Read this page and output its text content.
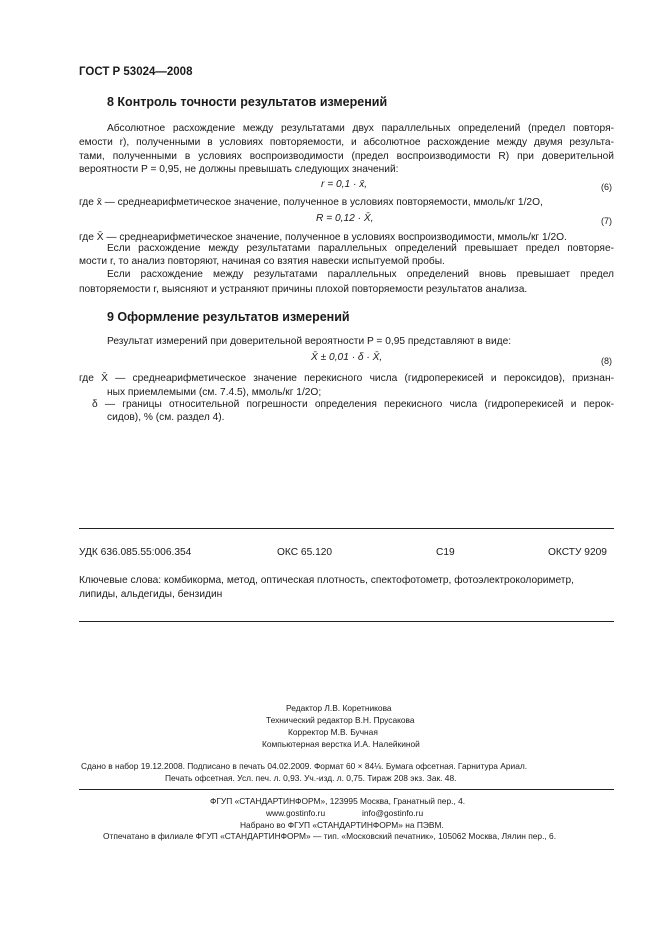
ГОСТ Р 53024—2008
8 Контроль точности результатов измерений
Абсолютное расхождение между результатами двух параллельных определений (предел повторя-
емости r), полученными в условиях повторяемости, и абсолютное расхождение между двумя результа-
тами, полученными в условиях воспроизводимости (предел воспроизводимости R) при доверительной
вероятности P = 0,95, не должны превышать следующих значений:
r = 0,1 · x̄,	(6)
где x̄ — среднеарифметическое значение, полученное в условиях повторяемости, ммоль/кг 1/2O,
R = 0,12 · X̄,	(7)
где X̄ — среднеарифметическое значение, полученное в условиях воспроизводимости, ммоль/кг 1/2O.
Если расхождение между результатами параллельных определений превышает предел повторяе-
мости r, то анализ повторяют, начиная со взятия навески испытуемой пробы.
Если расхождение между результатами параллельных определений вновь превышает предел
повторяемости r, выясняют и устраняют причины плохой повторяемости результатов анализа.
9 Оформление результатов измерений
Результат измерений при доверительной вероятности P = 0,95 представляют в виде:
X̄ ± 0,01 · δ · X̄,	(8)
где X̄ — среднеарифметическое значение перекисного числа (гидроперекисей и пероксидов), признан-
ных приемлемыми (см. 7.4.5), ммоль/кг 1/2O;
δ — границы относительной погрешности определения перекисного числа (гидроперекисей и перок-
сидов), % (см. раздел 4).
УДК 636.085.55:006.354	ОКС 65.120	С19	ОКСТУ 9209
Ключевые слова: комбикорма, метод, оптическая плотность, спектофотометр, фотоэлектроколориметр,
липиды, альдегиды, бензидин
Редактор Л.В. Коретникова
Технический редактор В.Н. Прусакова
Корректор М.В. Бучная
Компьютерная верстка И.А. Налейкиной
Сдано в набор 19.12.2008. Подписано в печать 04.02.2009. Формат 60 × 84⅛. Бумага офсетная. Гарнитура Ариал.
Печать офсетная. Усл. печ. л. 0,93. Уч.-изд. л. 0,75. Тираж 208 экз. Зак. 48.
ФГУП «СТАНДАРТИНФОРМ», 123995 Москва, Гранатный пер., 4.
www.gostinfo.ru	info@gostinfo.ru
Набрано во ФГУП «СТАНДАРТИНФОРМ» на ПЭВМ.
Отпечатано в филиале ФГУП «СТАНДАРТИНФОРМ» — тип. «Московский печатник», 105062 Москва, Лялин пер., 6.
